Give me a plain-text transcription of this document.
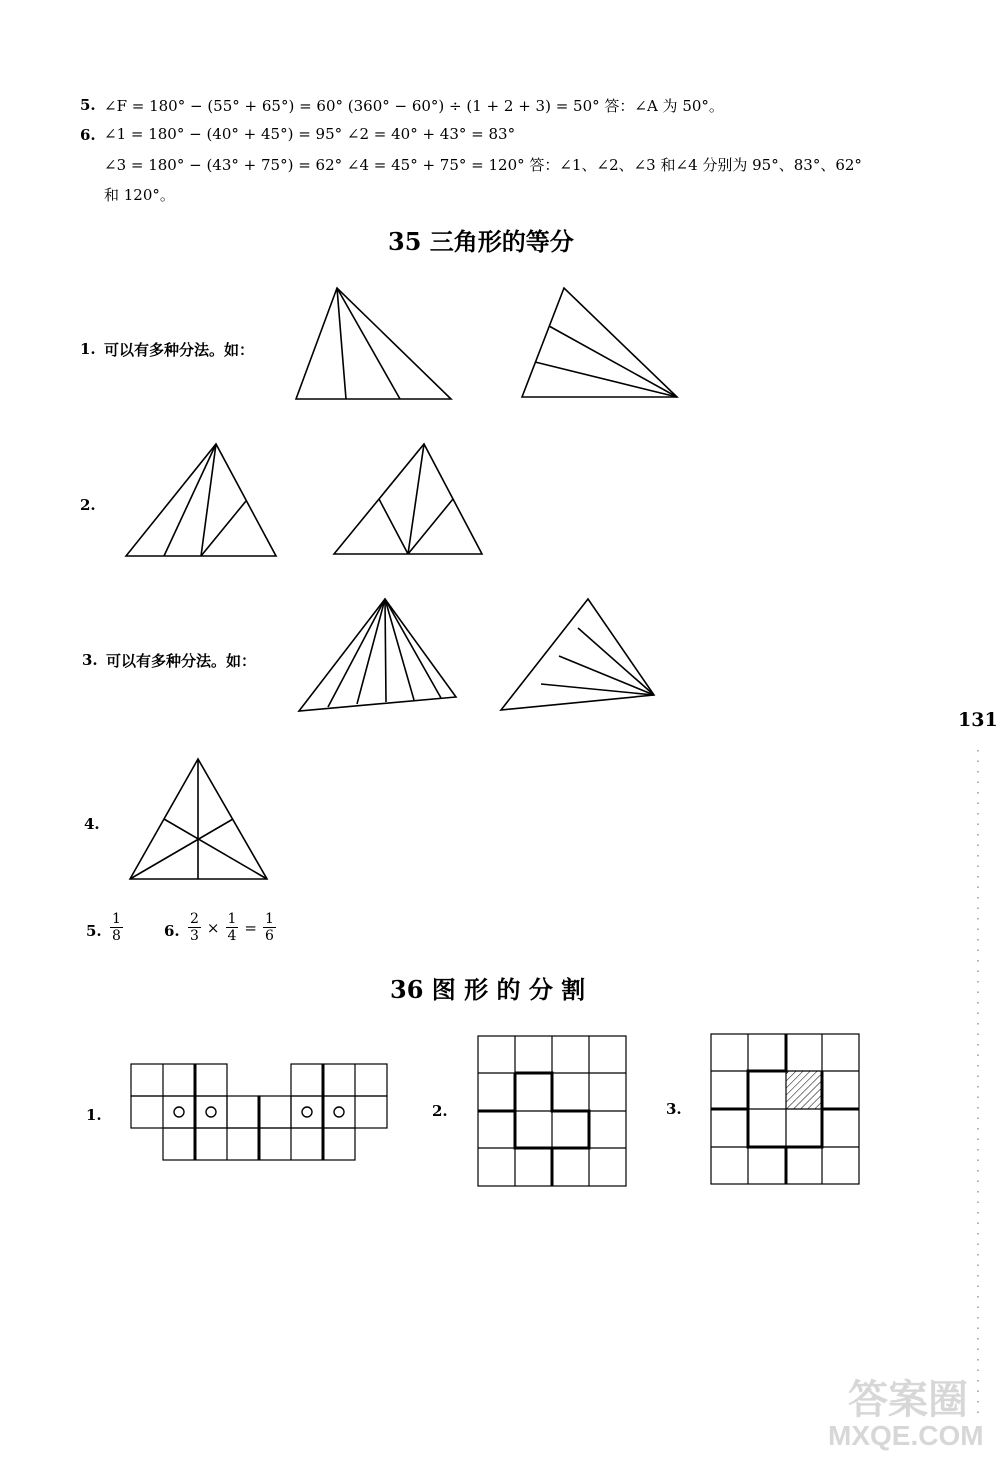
5. ∠F = 180° − (55° + 65°) = 60° (360° − 60°) ÷ (1 + 2 + 3) = 50° 答：∠A 为 50°。
6. ∠1 = 180° − (40° + 45°) = 95° ∠2 = 40° + 43° = 83°
∠3 = 180° − (43° + 75°) = 62° ∠4 = 45° + 75° = 120° 答：∠1、∠2、∠3 和∠4 分别为 95°、83°、62°
和 120°。
35 三角形的等分
1. 可以有多种分法。如：
2.
3. 可以有多种分法。如：
4.
5. $\frac{1}{8}$	6. $\frac{2}{3} \times \frac{1}{4} = \frac{1}{6}$
36 图 形 的 分 割
1.	2.	3.
131
答案圈
MXQE.COM
